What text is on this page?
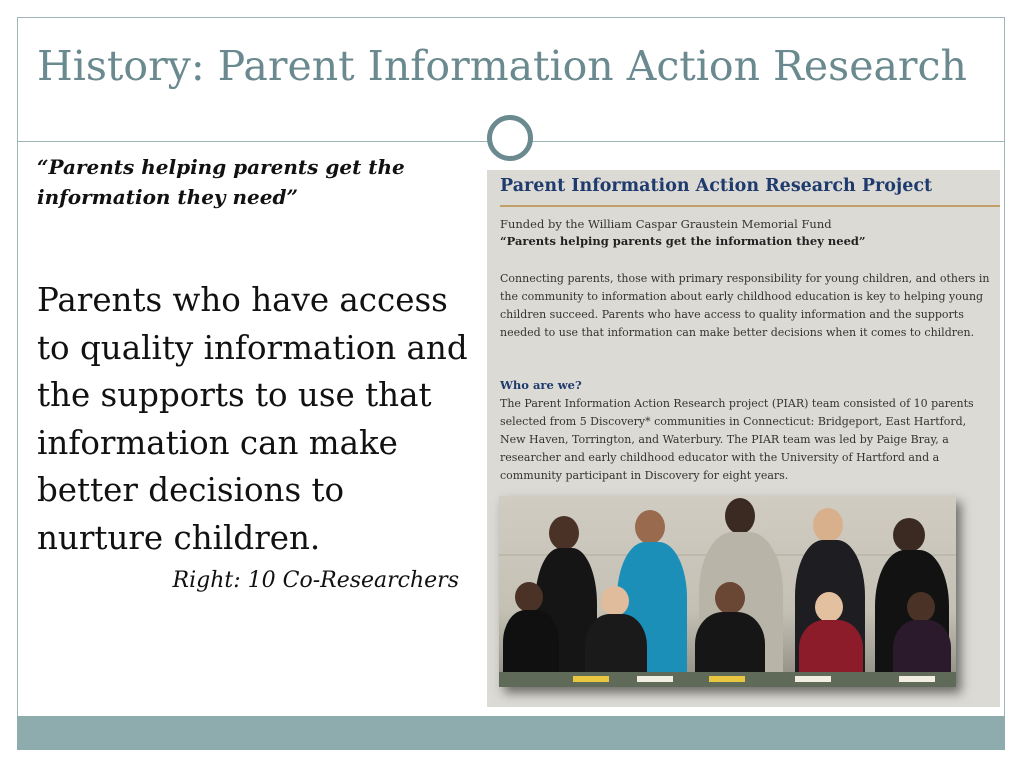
History: Parent Information Action Research

“Parents helping parents get the
information they need”

Parents who have access to quality information and the supports to use that information can make better decisions to nurture children.

Right: 10 Co-Researchers

Parent Information Action Research Project

Funded by the William Caspar Graustein Memorial Fund

“Parents helping parents get the information they need”

Connecting parents, those with primary responsibility for young children, and others in the community to information about early childhood education is key to helping young children succeed. Parents who have access to quality information and the supports needed to use that information can make better decisions when it comes to children.

Who are we?

The Parent Information Action Research project (PIAR) team consisted of 10 parents selected from 5 Discovery* communities in Connecticut: Bridgeport, East Hartford, New Haven, Torrington, and Waterbury. The PIAR team was led by Paige Bray, a researcher and early childhood educator with the University of Hartford and a community participant in Discovery for eight years.
